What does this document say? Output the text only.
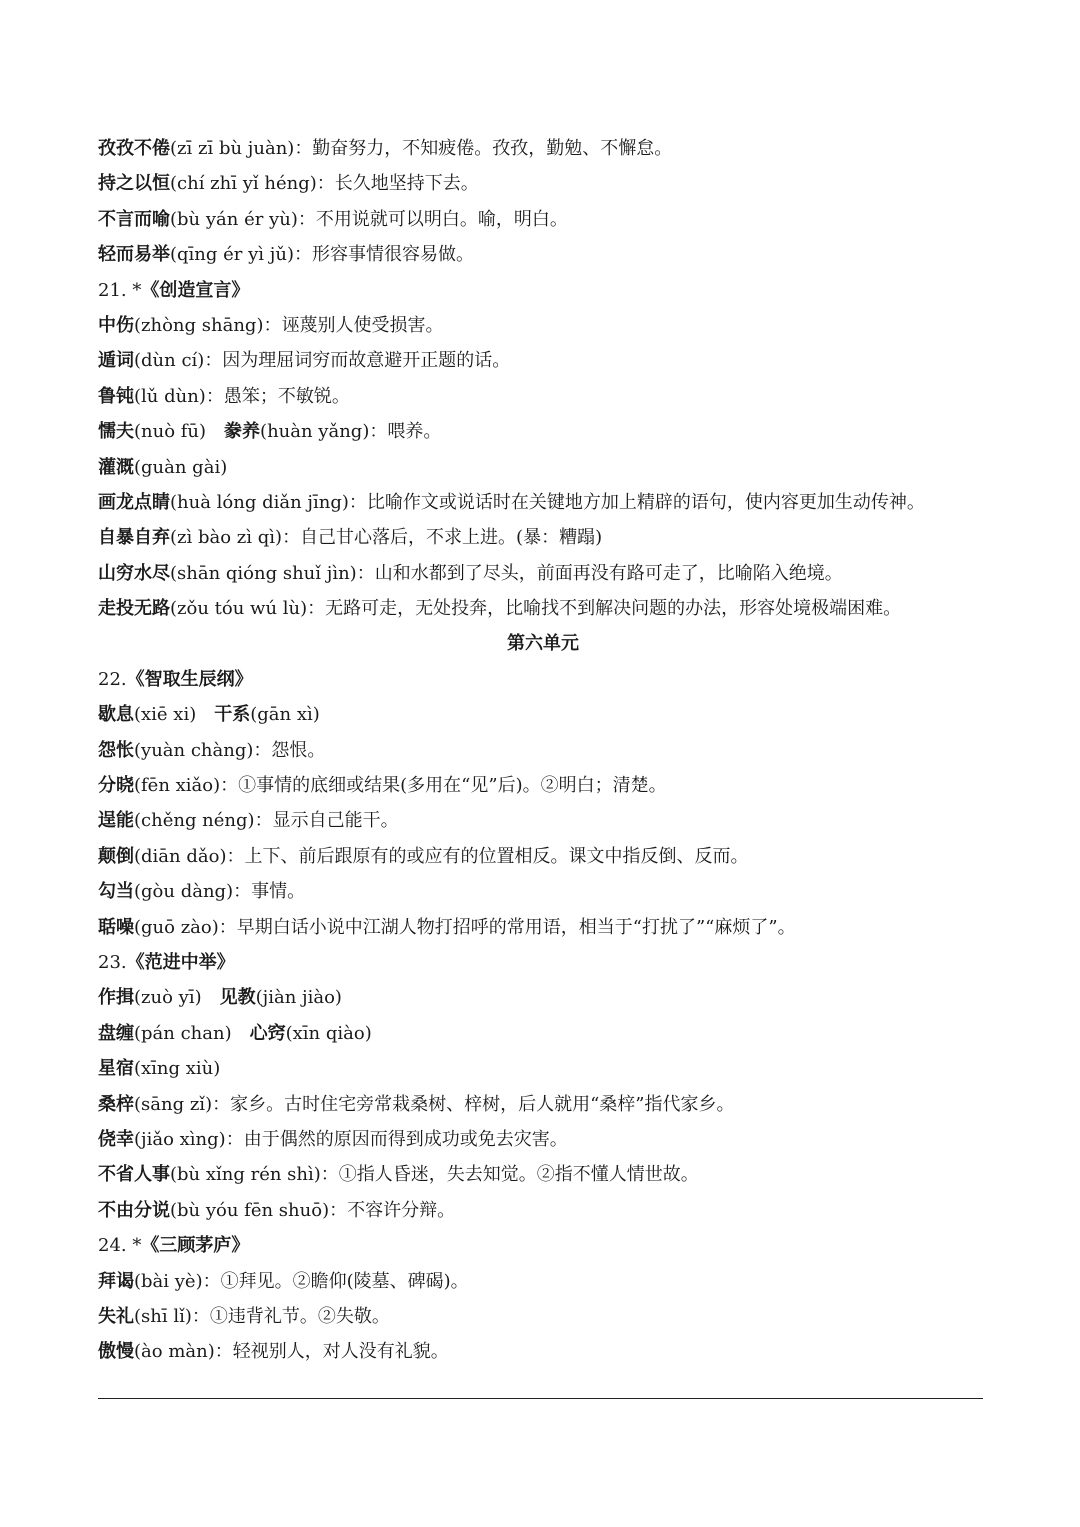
孜孜不倦(zī zī bù juàn)：勤奋努力，不知疲倦。孜孜，勤勉、不懈怠。
持之以恒(chí zhī yǐ héng)：长久地坚持下去。
不言而喻(bù yán ér yù)：不用说就可以明白。喻，明白。
轻而易举(qīng ér yì jǔ)：形容事情很容易做。
21. *《创造宣言》
中伤(zhòng shāng)：诬蔑别人使受损害。
遁词(dùn cí)：因为理屈词穷而故意避开正题的话。
鲁钝(lǔ dùn)：愚笨；不敏锐。
懦夫(nuò fū) 豢养(huàn yǎng)：喂养。
灌溉(guàn gài)
画龙点睛(huà lóng diǎn jīng)：比喻作文或说话时在关键地方加上精辟的语句，使内容更加生动传神。
自暴自弃(zì bào zì qì)：自己甘心落后，不求上进。(暴：糟蹋)
山穷水尽(shān qióng shuǐ jìn)：山和水都到了尽头，前面再没有路可走了，比喻陷入绝境。
走投无路(zǒu tóu wú lù)：无路可走，无处投奔，比喻找不到解决问题的办法，形容处境极端困难。
第六单元
22.《智取生辰纲》
歇息(xiē xi) 干系(gān xì)
怨怅(yuàn chàng)：怨恨。
分晓(fēn xiǎo)：①事情的底细或结果(多用在“见”后)。②明白；清楚。
逞能(chěng néng)：显示自己能干。
颠倒(diān dǎo)：上下、前后跟原有的或应有的位置相反。课文中指反倒、反而。
勾当(gòu dàng)：事情。
聒噪(guō zào)：早期白话小说中江湖人物打招呼的常用语，相当于“打扰了”“麻烦了”。
23.《范进中举》
作揖(zuò yī) 见教(jiàn jiào)
盘缠(pán chan) 心窍(xīn qiào)
星宿(xīng xiù)
桑梓(sāng zǐ)：家乡。古时住宅旁常栽桑树、梓树，后人就用“桑梓”指代家乡。
侥幸(jiǎo xìng)：由于偶然的原因而得到成功或免去灾害。
不省人事(bù xǐng rén shì)：①指人昏迷，失去知觉。②指不懂人情世故。
不由分说(bù yóu fēn shuō)：不容许分辩。
24. *《三顾茅庐》
拜谒(bài yè)：①拜见。②瞻仰(陵墓、碑碣)。
失礼(shī lǐ)：①违背礼节。②失敬。
傲慢(ào màn)：轻视别人，对人没有礼貌。
